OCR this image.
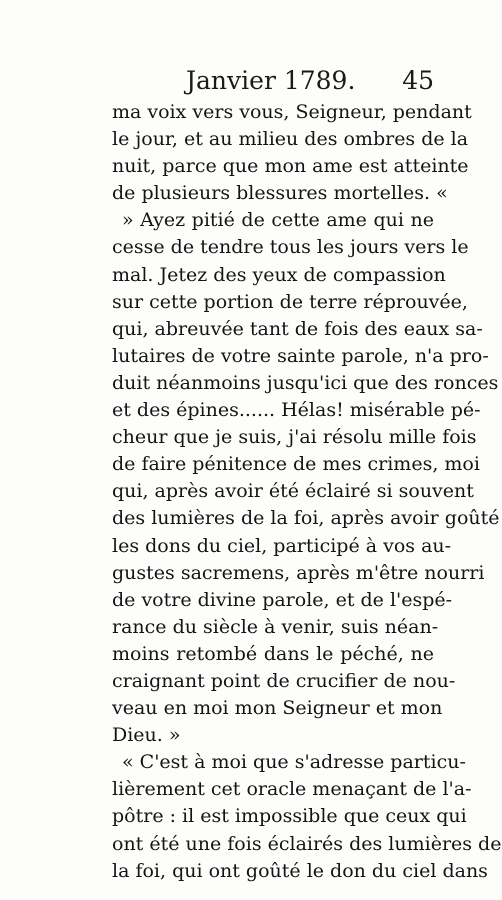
Janvier 1789. 45
ma voix vers vous, Seigneur, pendant
le jour, et au milieu des ombres de la
nuit, parce que mon ame est atteinte
de plusieurs blessures mortelles. «
» Ayez pitié de cette ame qui ne
cesse de tendre tous les jours vers le
mal. Jetez des yeux de compassion
sur cette portion de terre réprouvée,
qui, abreuvée tant de fois des eaux sa-
lutaires de votre sainte parole, n'a pro-
duit néanmoins jusqu'ici que des ronces
et des épines...... Hélas! misérable pé-
cheur que je suis, j'ai résolu mille fois
de faire pénitence de mes crimes, moi
qui, après avoir été éclairé si souvent
des lumières de la foi, après avoir goûté
les dons du ciel, participé à vos au-
gustes sacremens, après m'être nourri
de votre divine parole, et de l'espé-
rance du siècle à venir, suis néan-
moins retombé dans le péché, ne
craignant point de crucifier de nou-
veau en moi mon Seigneur et mon
Dieu. »
« C'est à moi que s'adresse particu-
lièrement cet oracle menaçant de l'a-
pôtre : il est impossible que ceux qui
ont été une fois éclairés des lumières de
la foi, qui ont goûté le don du ciel dans
